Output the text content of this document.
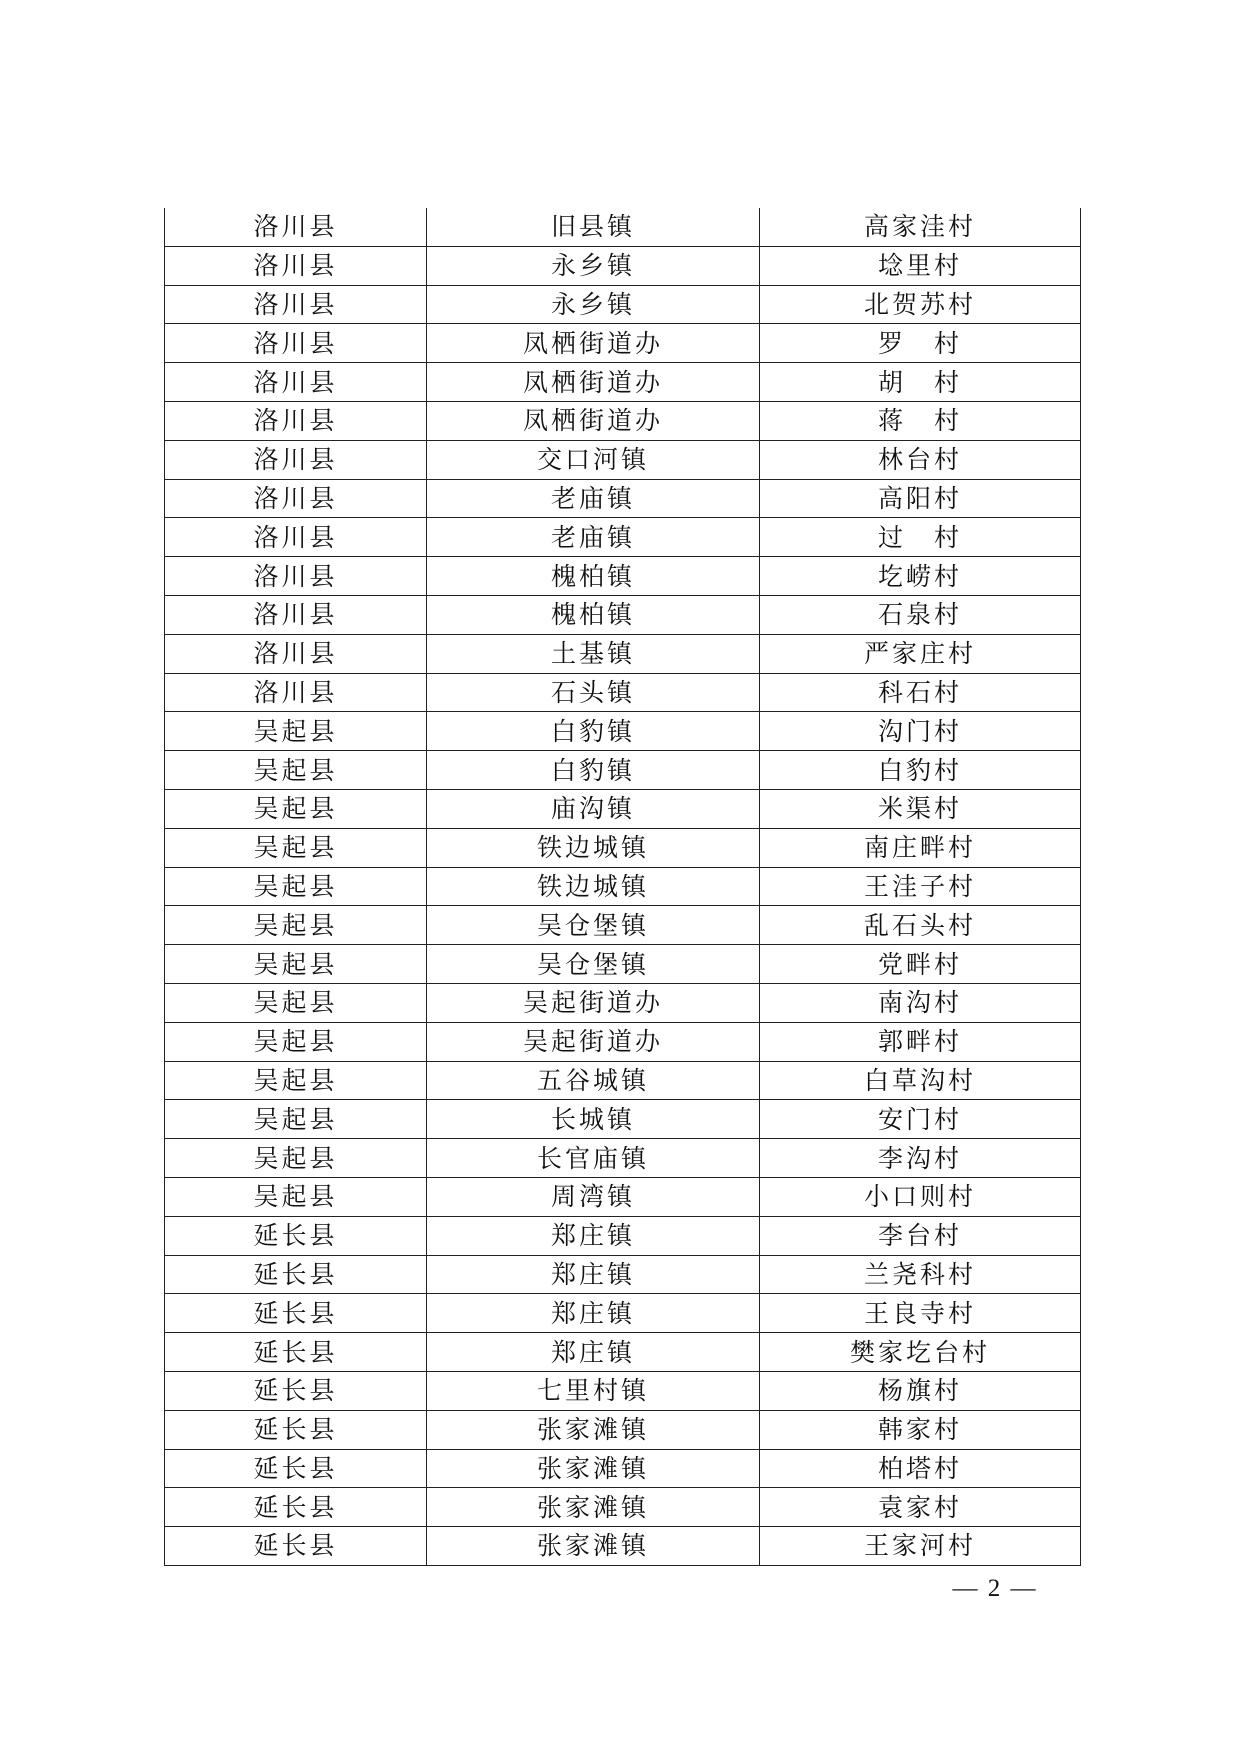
洛川县	旧县镇	高家洼村
洛川县	永乡镇	埝里村
洛川县	永乡镇	北贺苏村
洛川县	凤栖街道办	罗　村
洛川县	凤栖街道办	胡　村
洛川县	凤栖街道办	蒋　村
洛川县	交口河镇	林台村
洛川县	老庙镇	高阳村
洛川县	老庙镇	过　村
洛川县	槐柏镇	圪崂村
洛川县	槐柏镇	石泉村
洛川县	土基镇	严家庄村
洛川县	石头镇	科石村
吴起县	白豹镇	沟门村
吴起县	白豹镇	白豹村
吴起县	庙沟镇	米渠村
吴起县	铁边城镇	南庄畔村
吴起县	铁边城镇	王洼子村
吴起县	吴仓堡镇	乱石头村
吴起县	吴仓堡镇	党畔村
吴起县	吴起街道办	南沟村
吴起县	吴起街道办	郭畔村
吴起县	五谷城镇	白草沟村
吴起县	长城镇	安门村
吴起县	长官庙镇	李沟村
吴起县	周湾镇	小口则村
延长县	郑庄镇	李台村
延长县	郑庄镇	兰尧科村
延长县	郑庄镇	王良寺村
延长县	郑庄镇	樊家圪台村
延长县	七里村镇	杨旗村
延长县	张家滩镇	韩家村
延长县	张家滩镇	柏塔村
延长县	张家滩镇	袁家村
延长县	张家滩镇	王家河村
— 2 —
